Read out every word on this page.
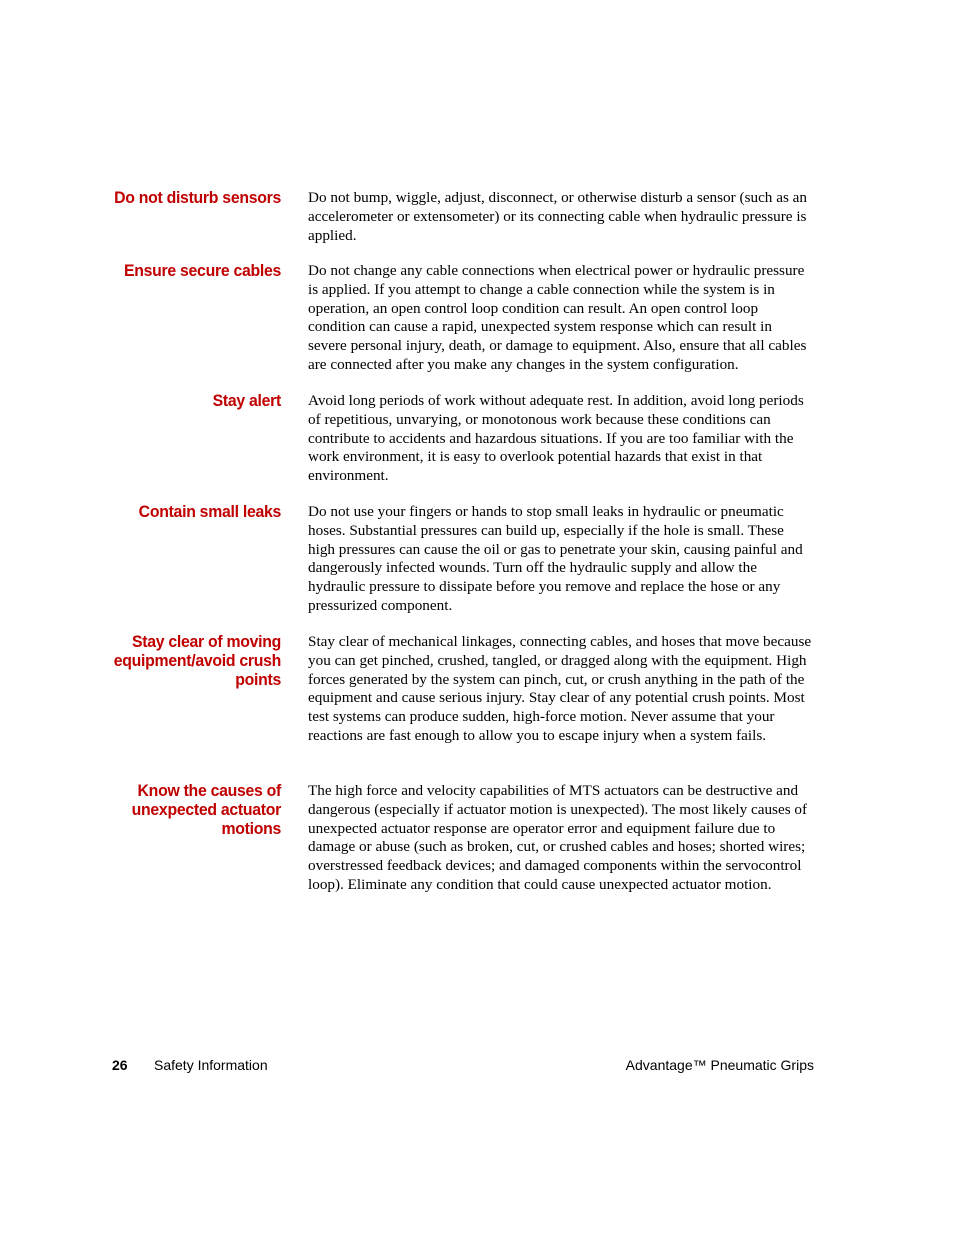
Do not disturb sensors Do not bump, wiggle, adjust, disconnect, or otherwise disturb a sensor (such as an accelerometer or extensometer) or its connecting cable when hydraulic pressure is applied.
Ensure secure cables Do not change any cable connections when electrical power or hydraulic pressure is applied. If you attempt to change a cable connection while the system is in operation, an open control loop condition can result. An open control loop condition can cause a rapid, unexpected system response which can result in severe personal injury, death, or damage to equipment. Also, ensure that all cables are connected after you make any changes in the system configuration.
Stay alert Avoid long periods of work without adequate rest. In addition, avoid long periods of repetitious, unvarying, or monotonous work because these conditions can contribute to accidents and hazardous situations. If you are too familiar with the work environment, it is easy to overlook potential hazards that exist in that environment.
Contain small leaks Do not use your fingers or hands to stop small leaks in hydraulic or pneumatic hoses. Substantial pressures can build up, especially if the hole is small. These high pressures can cause the oil or gas to penetrate your skin, causing painful and dangerously infected wounds. Turn off the hydraulic supply and allow the hydraulic pressure to dissipate before you remove and replace the hose or any pressurized component.
Stay clear of moving
equipment/avoid crush
points
Stay clear of mechanical linkages, connecting cables, and hoses that move because you can get pinched, crushed, tangled, or dragged along with the equipment. High forces generated by the system can pinch, cut, or crush anything in the path of the equipment and cause serious injury. Stay clear of any potential crush points. Most test systems can produce sudden, high-force motion. Never assume that your reactions are fast enough to allow you to escape injury when a system fails.
Know the causes of
unexpected actuator
motions
The high force and velocity capabilities of MTS actuators can be destructive and dangerous (especially if actuator motion is unexpected). The most likely causes of unexpected actuator response are operator error and equipment failure due to damage or abuse (such as broken, cut, or crushed cables and hoses; shorted wires; overstressed feedback devices; and damaged components within the servocontrol loop). Eliminate any condition that could cause unexpected actuator motion.
26 Safety Information	Advantage™ Pneumatic Grips
